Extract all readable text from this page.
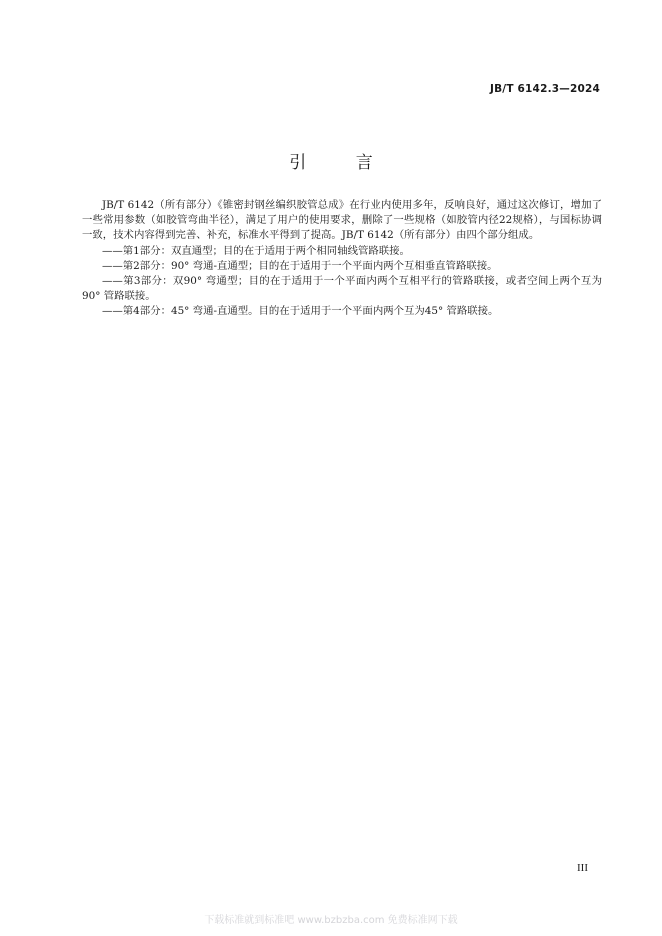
JB/T 6142.3—2024
引 言

JB/T 6142（所有部分）《锥密封钢丝编织胶管总成》在行业内使用多年，反响良好，通过这次修订，增加了一些常用参数（如胶管弯曲半径），满足了用户的使用要求，删除了一些规格（如胶管内径22规格），与国标协调一致，技术内容得到完善、补充，标准水平得到了提高。JB/T 6142（所有部分）由四个部分组成。

——第1部分：双直通型；目的在于适用于两个相同轴线管路联接。

——第2部分：90° 弯通-直通型；目的在于适用于一个平面内两个互相垂直管路联接。

——第3部分：双90° 弯通型；目的在于适用于一个平面内两个互相平行的管路联接，或者空间上两个互为90° 管路联接。

——第4部分：45° 弯通-直通型。目的在于适用于一个平面内两个互为45° 管路联接。

III
下载标准就到标准吧 www.bzbzba.com 免费标准网下载
